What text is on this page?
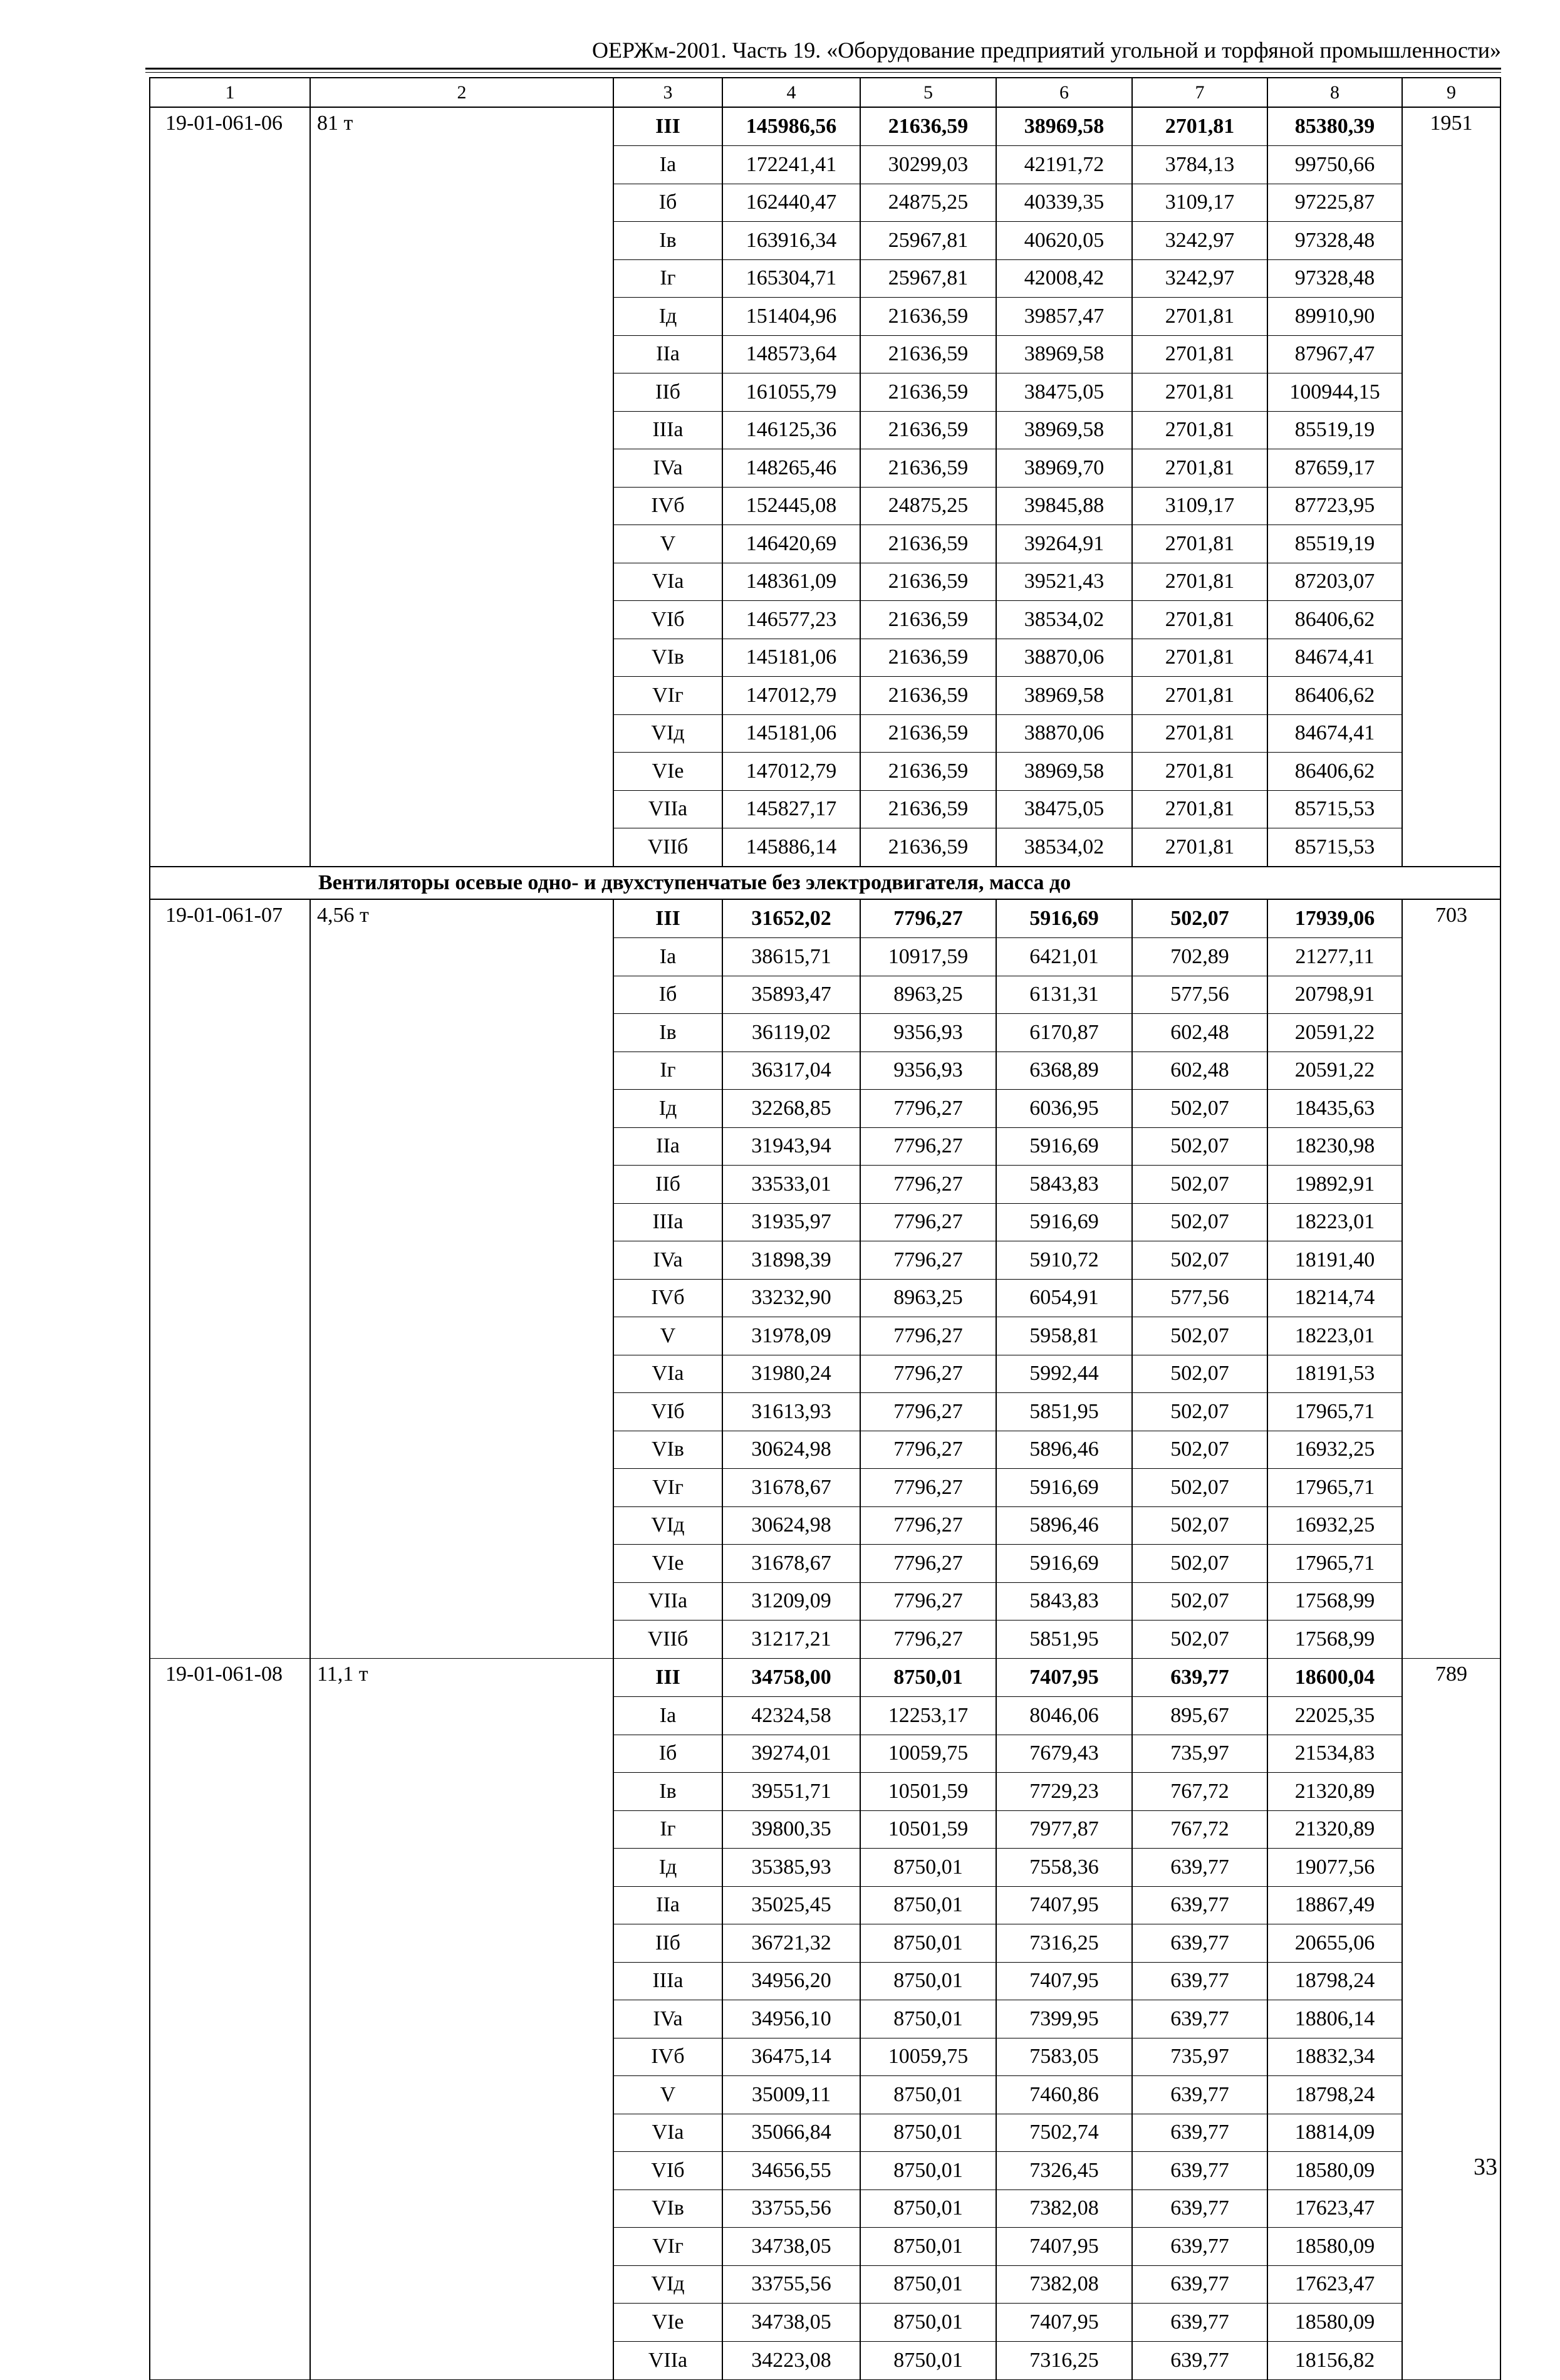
ОЕРЖм-2001. Часть 19. «Оборудование предприятий угольной и торфяной промышленности»
1	2	3	4	5	6	7	8	9
19-01-061-06	81 т	III	145986,56	21636,59	38969,58	2701,81	85380,39	1951
		Ia	172241,41	30299,03	42191,72	3784,13	99750,66	
		Iб	162440,47	24875,25	40339,35	3109,17	97225,87	
		Iв	163916,34	25967,81	40620,05	3242,97	97328,48	
		Iг	165304,71	25967,81	42008,42	3242,97	97328,48	
		Iд	151404,96	21636,59	39857,47	2701,81	89910,90	
		IIa	148573,64	21636,59	38969,58	2701,81	87967,47	
		IIб	161055,79	21636,59	38475,05	2701,81	100944,15	
		IIIa	146125,36	21636,59	38969,58	2701,81	85519,19	
		IVa	148265,46	21636,59	38969,70	2701,81	87659,17	
		IVб	152445,08	24875,25	39845,88	3109,17	87723,95	
		V	146420,69	21636,59	39264,91	2701,81	85519,19	
		VIa	148361,09	21636,59	39521,43	2701,81	87203,07	
		VIб	146577,23	21636,59	38534,02	2701,81	86406,62	
		VIв	145181,06	21636,59	38870,06	2701,81	84674,41	
		VIг	147012,79	21636,59	38969,58	2701,81	86406,62	
		VIд	145181,06	21636,59	38870,06	2701,81	84674,41	
		VIe	147012,79	21636,59	38969,58	2701,81	86406,62	
		VIIa	145827,17	21636,59	38475,05	2701,81	85715,53	
		VIIб	145886,14	21636,59	38534,02	2701,81	85715,53	
Вентиляторы осевые одно- и двухступенчатые без электродвигателя, масса до								
19-01-061-07	4,56 т	III	31652,02	7796,27	5916,69	502,07	17939,06	703
		Ia	38615,71	10917,59	6421,01	702,89	21277,11	
		Iб	35893,47	8963,25	6131,31	577,56	20798,91	
		Iв	36119,02	9356,93	6170,87	602,48	20591,22	
		Iг	36317,04	9356,93	6368,89	602,48	20591,22	
		Iд	32268,85	7796,27	6036,95	502,07	18435,63	
		IIa	31943,94	7796,27	5916,69	502,07	18230,98	
		IIб	33533,01	7796,27	5843,83	502,07	19892,91	
		IIIa	31935,97	7796,27	5916,69	502,07	18223,01	
		IVa	31898,39	7796,27	5910,72	502,07	18191,40	
		IVб	33232,90	8963,25	6054,91	577,56	18214,74	
		V	31978,09	7796,27	5958,81	502,07	18223,01	
		VIa	31980,24	7796,27	5992,44	502,07	18191,53	
		VIб	31613,93	7796,27	5851,95	502,07	17965,71	
		VIв	30624,98	7796,27	5896,46	502,07	16932,25	
		VIг	31678,67	7796,27	5916,69	502,07	17965,71	
		VIд	30624,98	7796,27	5896,46	502,07	16932,25	
		VIe	31678,67	7796,27	5916,69	502,07	17965,71	
		VIIa	31209,09	7796,27	5843,83	502,07	17568,99	
		VIIб	31217,21	7796,27	5851,95	502,07	17568,99	
19-01-061-08	11,1 т	III	34758,00	8750,01	7407,95	639,77	18600,04	789
		Ia	42324,58	12253,17	8046,06	895,67	22025,35	
		Iб	39274,01	10059,75	7679,43	735,97	21534,83	
		Iв	39551,71	10501,59	7729,23	767,72	21320,89	
		Iг	39800,35	10501,59	7977,87	767,72	21320,89	
		Iд	35385,93	8750,01	7558,36	639,77	19077,56	
		IIa	35025,45	8750,01	7407,95	639,77	18867,49	
		IIб	36721,32	8750,01	7316,25	639,77	20655,06	
		IIIa	34956,20	8750,01	7407,95	639,77	18798,24	
		IVa	34956,10	8750,01	7399,95	639,77	18806,14	
		IVб	36475,14	10059,75	7583,05	735,97	18832,34	
		V	35009,11	8750,01	7460,86	639,77	18798,24	
		VIa	35066,84	8750,01	7502,74	639,77	18814,09	
		VIб	34656,55	8750,01	7326,45	639,77	18580,09	
		VIв	33755,56	8750,01	7382,08	639,77	17623,47	
		VIг	34738,05	8750,01	7407,95	639,77	18580,09	
		VIд	33755,56	8750,01	7382,08	639,77	17623,47	
		VIe	34738,05	8750,01	7407,95	639,77	18580,09	
		VIIa	34223,08	8750,01	7316,25	639,77	18156,82	
33
